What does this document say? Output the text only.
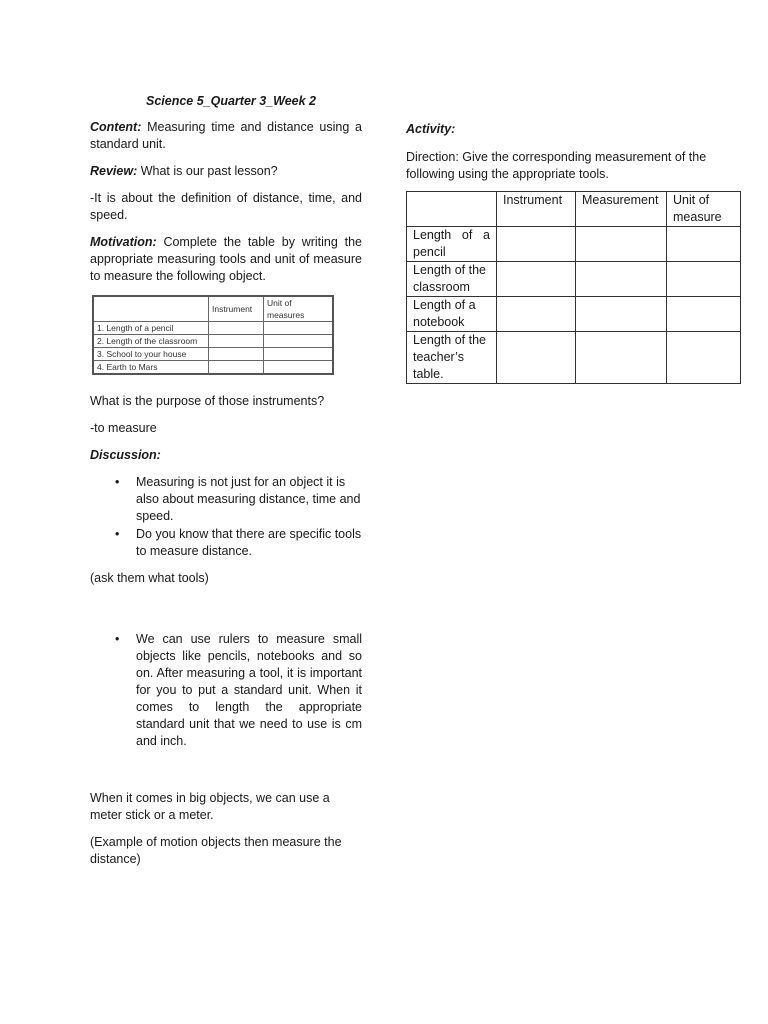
Science 5_Quarter 3_Week 2

Content: Measuring time and distance using a standard unit.

Review: What is our past lesson?

-It is about the definition of distance, time, and speed.

Motivation: Complete the table by writing the appropriate measuring tools and unit of measure to measure the following object.

	Instrument	Unit of measures
1. Length of a pencil		
2. Length of the classroom		
3. School to your house		
4. Earth to Mars		

What is the purpose of those instruments?

-to measure

Discussion:

• Measuring is not just for an object it is also about measuring distance, time and speed.
• Do you know that there are specific tools to measure distance.

(ask them what tools)

• We can use rulers to measure small objects like pencils, notebooks and so on. After measuring a tool, it is important for you to put a standard unit. When it comes to length the appropriate standard unit that we need to use is cm and inch.

When it comes in big objects, we can use a meter stick or a meter.

(Example of motion objects then measure the distance)

Activity:

Direction: Give the corresponding measurement of the following using the appropriate tools.

	Instrument	Measurement	Unit of measure
Length of a pencil			
Length of the classroom			
Length of a notebook			
Length of the teacher’s table.			
